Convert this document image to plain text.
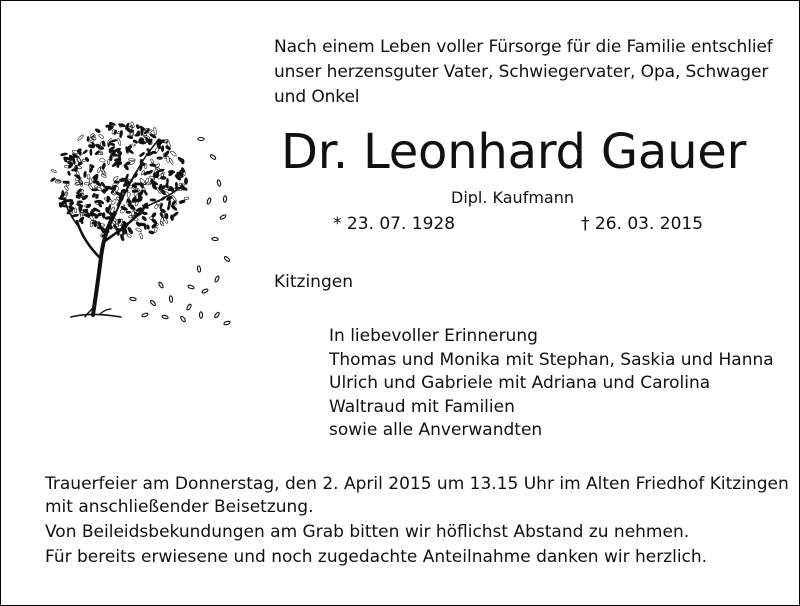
Nach einem Leben voller Fürsorge für die Familie entschlief
unser herzensguter Vater, Schwiegervater, Opa, Schwager
und Onkel
Dr. Leonhard Gauer
Dipl. Kaufmann
* 23. 07. 1928	† 26. 03. 2015
Kitzingen
In liebevoller Erinnerung
Thomas und Monika mit Stephan, Saskia und Hanna
Ulrich und Gabriele mit Adriana und Carolina
Waltraud mit Familien
sowie alle Anverwandten
Trauerfeier am Donnerstag, den 2. April 2015 um 13.15 Uhr im Alten Friedhof Kitzingen
mit anschließender Beisetzung.
Von Beileidsbekundungen am Grab bitten wir höflichst Abstand zu nehmen.
Für bereits erwiesene und noch zugedachte Anteilnahme danken wir herzlich.
